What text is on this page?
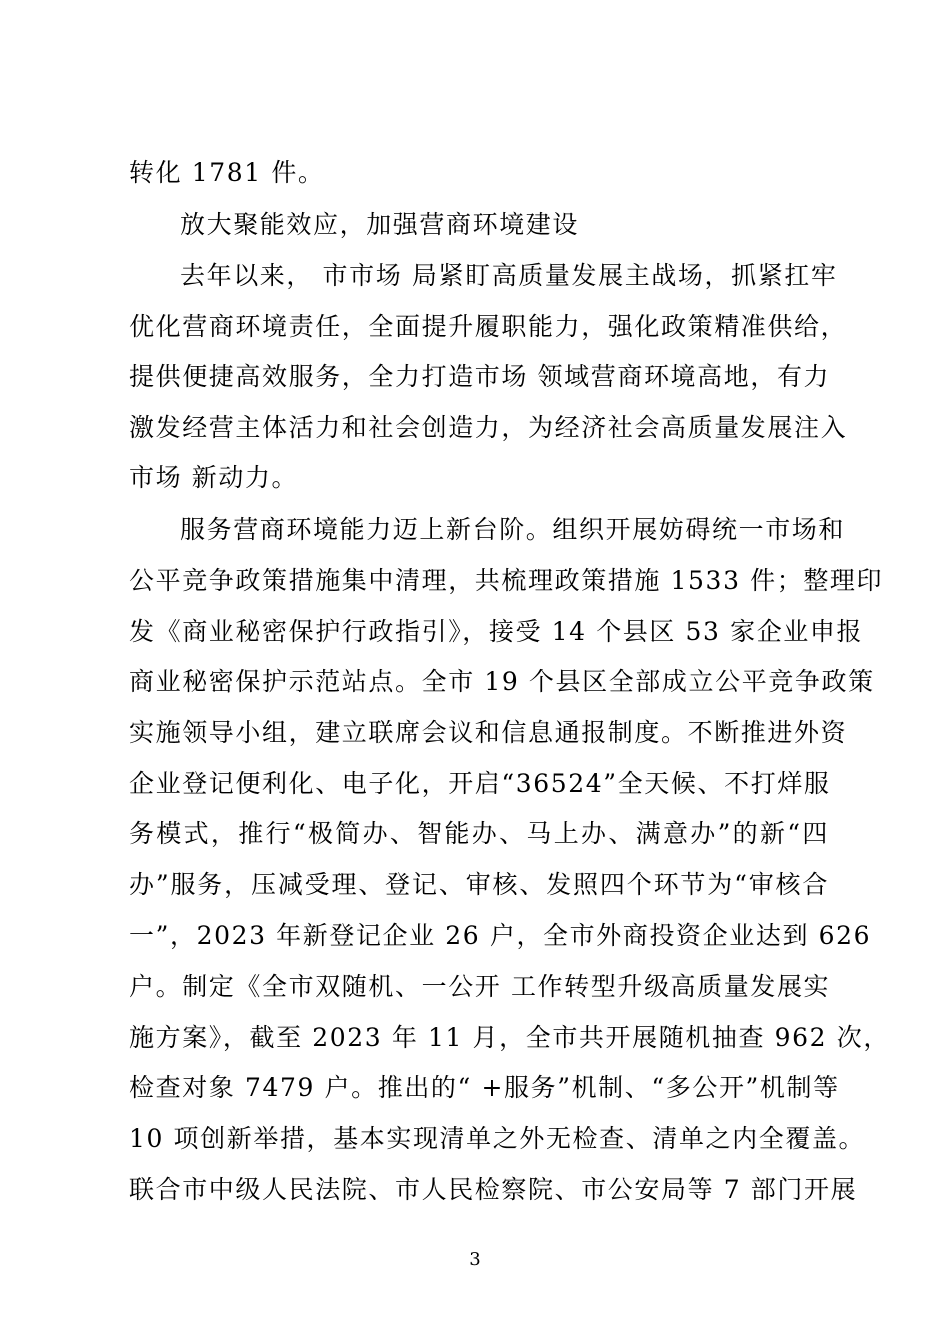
转化 1781 件。
放大聚能效应，加强营商环境建设
去年以来， 市市场 局紧盯高质量发展主战场，抓紧扛牢
优化营商环境责任，全面提升履职能力，强化政策精准供给，
提供便捷高效服务，全力打造市场 领域营商环境高地，有力
激发经营主体活力和社会创造力，为经济社会高质量发展注入
市场 新动力。
服务营商环境能力迈上新台阶。组织开展妨碍统一市场和
公平竞争政策措施集中清理，共梳理政策措施 1533 件；整理印
发《商业秘密保护行政指引》，接受 14 个县区 53 家企业申报
商业秘密保护示范站点。全市 19 个县区全部成立公平竞争政策
实施领导小组，建立联席会议和信息通报制度。不断推进外资
企业登记便利化、电子化，开启“36524”全天候、不打烊服
务模式，推行“极简办、智能办、马上办、满意办”的新“四
办”服务，压减受理、登记、审核、发照四个环节为“审核合
一”，2023 年新登记企业 26 户，全市外商投资企业达到 626
户。制定《全市双随机、一公开 工作转型升级高质量发展实
施方案》，截至 2023 年 11 月，全市共开展随机抽查 962 次，
检查对象 7479 户。推出的“ +服务”机制、“多公开”机制等
10 项创新举措，基本实现清单之外无检查、清单之内全覆盖。
联合市中级人民法院、市人民检察院、市公安局等 7 部门开展
3
